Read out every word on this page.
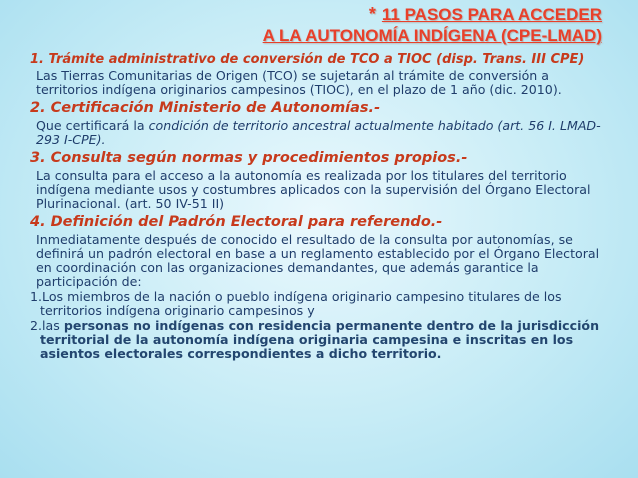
* 11 PASOS PARA ACCEDER
A LA AUTONOMÍA INDÍGENA (CPE-LMAD)
1. Trámite administrativo de conversión de TCO a TIOC (disp. Trans. III CPE)
Las Tierras Comunitarias de Origen (TCO) se sujetarán al trámite de conversión a territorios indígena originarios campesinos (TIOC), en el plazo de 1 año (dic. 2010).
2. Certificación Ministerio de Autonomías.-
Que certificará la condición de territorio ancestral actualmente habitado (art. 56 I. LMAD- 293 I-CPE).
3. Consulta según normas y procedimientos propios.-
La consulta para el acceso a la autonomía es realizada por los titulares del territorio indígena mediante usos y costumbres aplicados con la supervisión del Órgano Electoral Plurinacional. (art. 50 IV-51 II)
4. Definición del Padrón Electoral para referendo.-
Inmediatamente después de conocido el resultado de la consulta por autonomías, se definirá un padrón electoral en base a un reglamento establecido por el Órgano Electoral en coordinación con las organizaciones demandantes, que además garantice la participación de:
1.Los miembros de la nación o pueblo indígena originario campesino titulares de los territorios indígena originario campesinos y
2.las personas no indígenas con residencia permanente dentro de la jurisdicción territorial de la autonomía indígena originaria campesina e inscritas en los asientos electorales correspondientes a dicho territorio.
